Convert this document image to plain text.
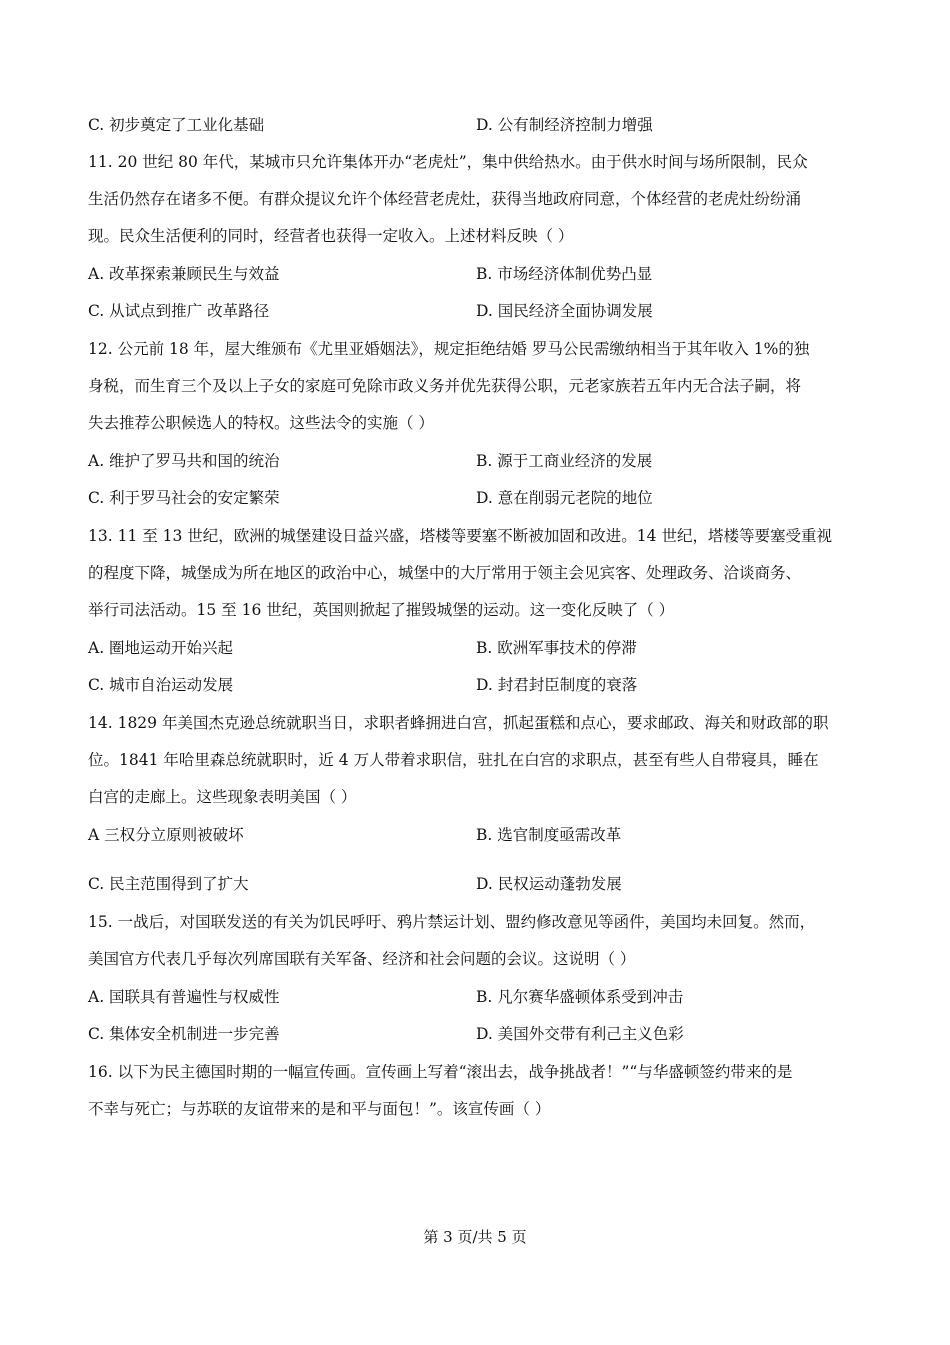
C. 初步奠定了工业化基础	D. 公有制经济控制力增强
11. 20 世纪 80 年代，某城市只允许集体开办“老虎灶”，集中供给热水。由于供水时间与场所限制，民众
生活仍然存在诸多不便。有群众提议允许个体经营老虎灶，获得当地政府同意，个体经营的老虎灶纷纷涌
现。民众生活便利的同时，经营者也获得一定收入。上述材料反映（ ）
A. 改革探索兼顾民生与效益	B. 市场经济体制优势凸显
C. 从试点到推广 改革路径	D. 国民经济全面协调发展
12. 公元前 18 年，屋大维颁布《尤里亚婚姻法》，规定拒绝结婚 罗马公民需缴纳相当于其年收入 1%的独
身税，而生育三个及以上子女的家庭可免除市政义务并优先获得公职，元老家族若五年内无合法子嗣，将
失去推荐公职候选人的特权。这些法令的实施（ ）
A. 维护了罗马共和国的统治	B. 源于工商业经济的发展
C. 利于罗马社会的安定繁荣	D. 意在削弱元老院的地位
13. 11 至 13 世纪，欧洲的城堡建设日益兴盛，塔楼等要塞不断被加固和改进。14 世纪，塔楼等要塞受重视
的程度下降，城堡成为所在地区的政治中心，城堡中的大厅常用于领主会见宾客、处理政务、洽谈商务、
举行司法活动。15 至 16 世纪，英国则掀起了摧毁城堡的运动。这一变化反映了（ ）
A. 圈地运动开始兴起	B. 欧洲军事技术的停滞
C. 城市自治运动发展	D. 封君封臣制度的衰落
14. 1829 年美国杰克逊总统就职当日，求职者蜂拥进白宫，抓起蛋糕和点心，要求邮政、海关和财政部的职
位。1841 年哈里森总统就职时，近 4 万人带着求职信，驻扎在白宫的求职点，甚至有些人自带寝具，睡在
白宫的走廊上。这些现象表明美国（ ）
A 三权分立原则被破坏	B. 选官制度亟需改革
C. 民主范围得到了扩大	D. 民权运动蓬勃发展
15. 一战后，对国联发送的有关为饥民呼吁、鸦片禁运计划、盟约修改意见等函件，美国均未回复。然而，
美国官方代表几乎每次列席国联有关军备、经济和社会问题的会议。这说明（ ）
A. 国联具有普遍性与权威性	B. 凡尔赛华盛顿体系受到冲击
C. 集体安全机制进一步完善	D. 美国外交带有利己主义色彩
16. 以下为民主德国时期的一幅宣传画。宣传画上写着“滚出去，战争挑战者！”“与华盛顿签约带来的是
不幸与死亡；与苏联的友谊带来的是和平与面包！”。该宣传画（ ）
第 3 页/共 5 页
